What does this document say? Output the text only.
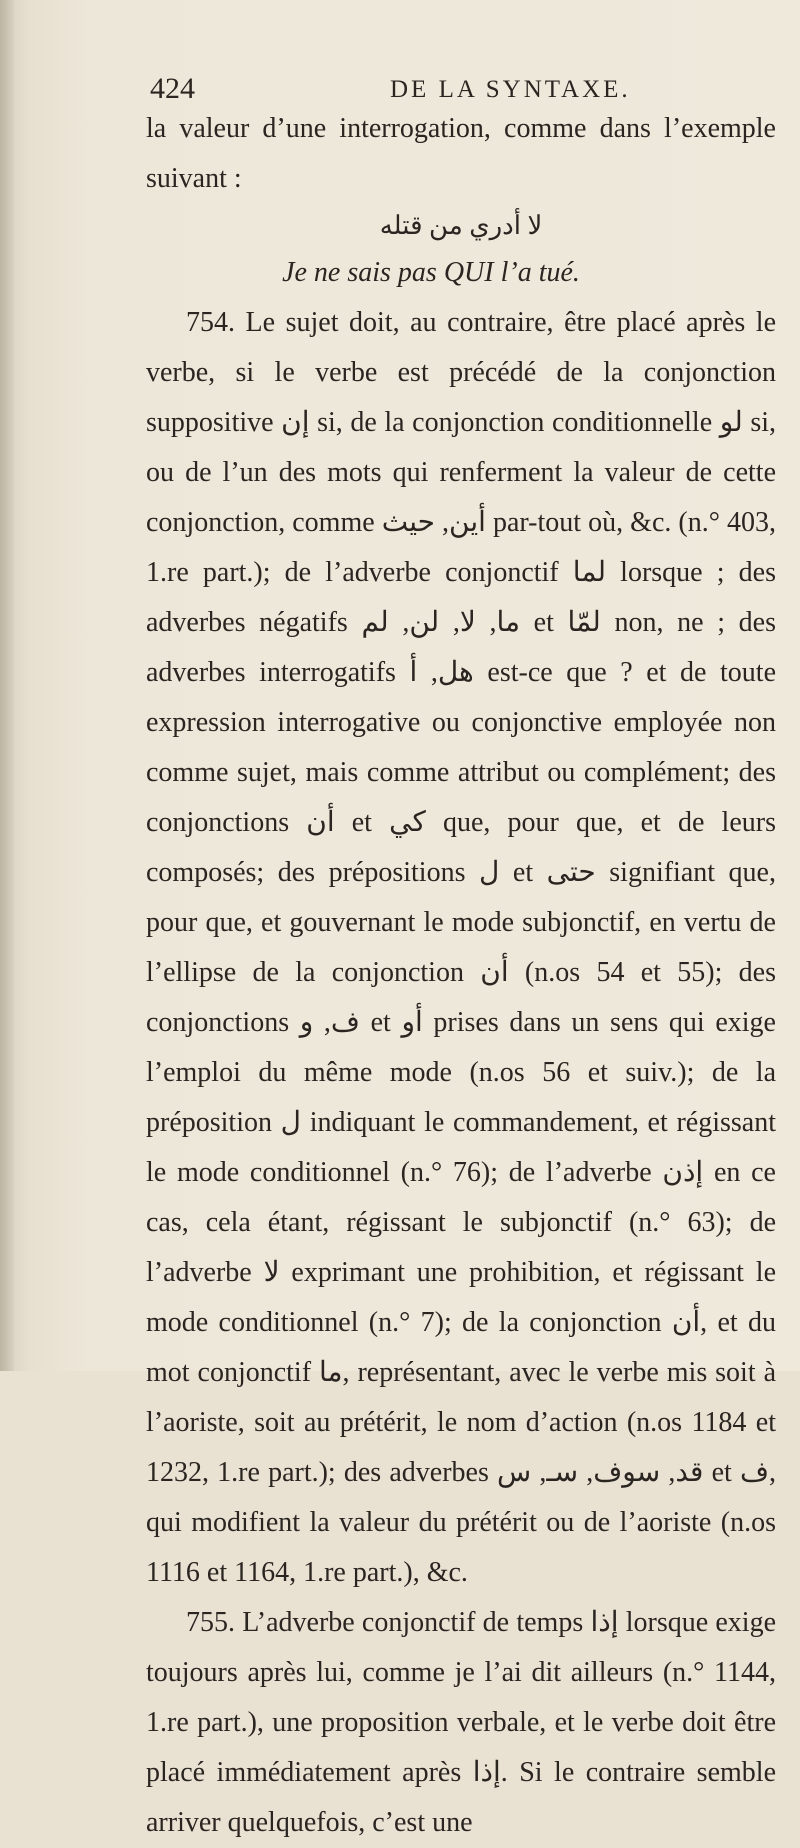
424	DE LA SYNTAXE.

la valeur d’une interrogation, comme dans l’exemple suivant :

لا أدري من قتله

Je ne sais pas QUI l’a tué.

754. Le sujet doit, au contraire, être placé après le verbe, si le verbe est précédé de la conjonction suppositive إن si, de la conjonction conditionnelle لو si, ou de l’un des mots qui renferment la valeur de cette conjonction, comme أين, حيث par-tout où, &c. (n.° 403, 1.re part.); de l’adverbe conjonctif لما lorsque ; des adverbes négatifs ما, لا, لن, لم et لمّا non, ne ; des adverbes interrogatifs هل, أ est-ce que ? et de toute expression interrogative ou conjonctive employée non comme sujet, mais comme attribut ou complément; des conjonctions أن et كي que, pour que, et de leurs composés; des prépositions ل et حتى signifiant que, pour que, et gouvernant le mode subjonctif, en vertu de l’ellipse de la conjonction أن (n.os 54 et 55); des conjonctions ف, و et أو prises dans un sens qui exige l’emploi du même mode (n.os 56 et suiv.); de la préposition ل indiquant le commandement, et régissant le mode conditionnel (n.° 76); de l’adverbe إذن en ce cas, cela étant, régissant le subjonctif (n.° 63); de l’adverbe لا exprimant une prohibition, et régissant le mode conditionnel (n.° 7); de la conjonction أن, et du mot conjonctif ما, représentant, avec le verbe mis soit à l’aoriste, soit au prétérit, le nom d’action (n.os 1184 et 1232, 1.re part.); des adverbes قد, سوف, سـ, س et ف, qui modifient la valeur du prétérit ou de l’aoriste (n.os 1116 et 1164, 1.re part.), &c.

755. L’adverbe conjonctif de temps إذا lorsque exige toujours après lui, comme je l’ai dit ailleurs (n.° 1144, 1.re part.), une proposition verbale, et le verbe doit être placé immédiatement après إذا. Si le contraire semble arriver quelquefois, c’est une
